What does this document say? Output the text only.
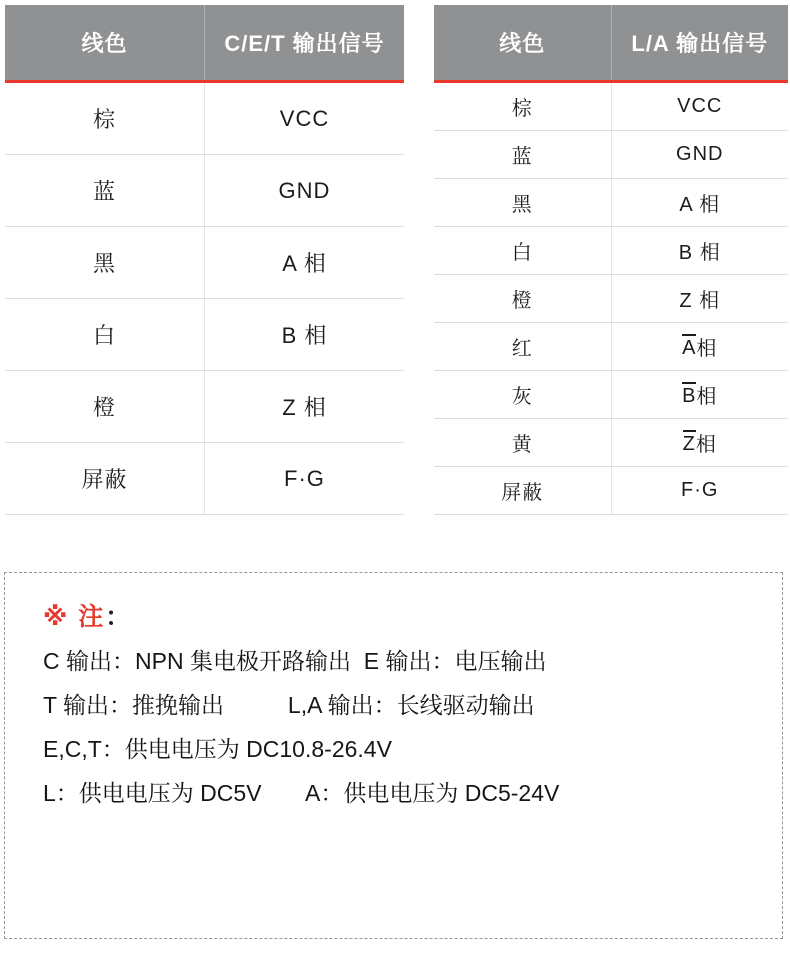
线色	C/E/T 输出信号
棕	VCC
蓝	GND
黑	A 相
白	B 相
橙	Z 相
屏蔽	F·G
线色	L/A 输出信号
棕	VCC
蓝	GND
黑	A 相
白	B 相
橙	Z 相
红	A 相
灰	B 相
黄	Z 相
屏蔽	F·G
※ 注：
C 输出：NPN 集电极开路输出  E 输出：电压输出
T 输出：推挽输出          L,A 输出：长线驱动输出
E,C,T：供电电压为 DC10.8-26.4V
L：供电电压为 DC5V       A：供电电压为 DC5-24V
